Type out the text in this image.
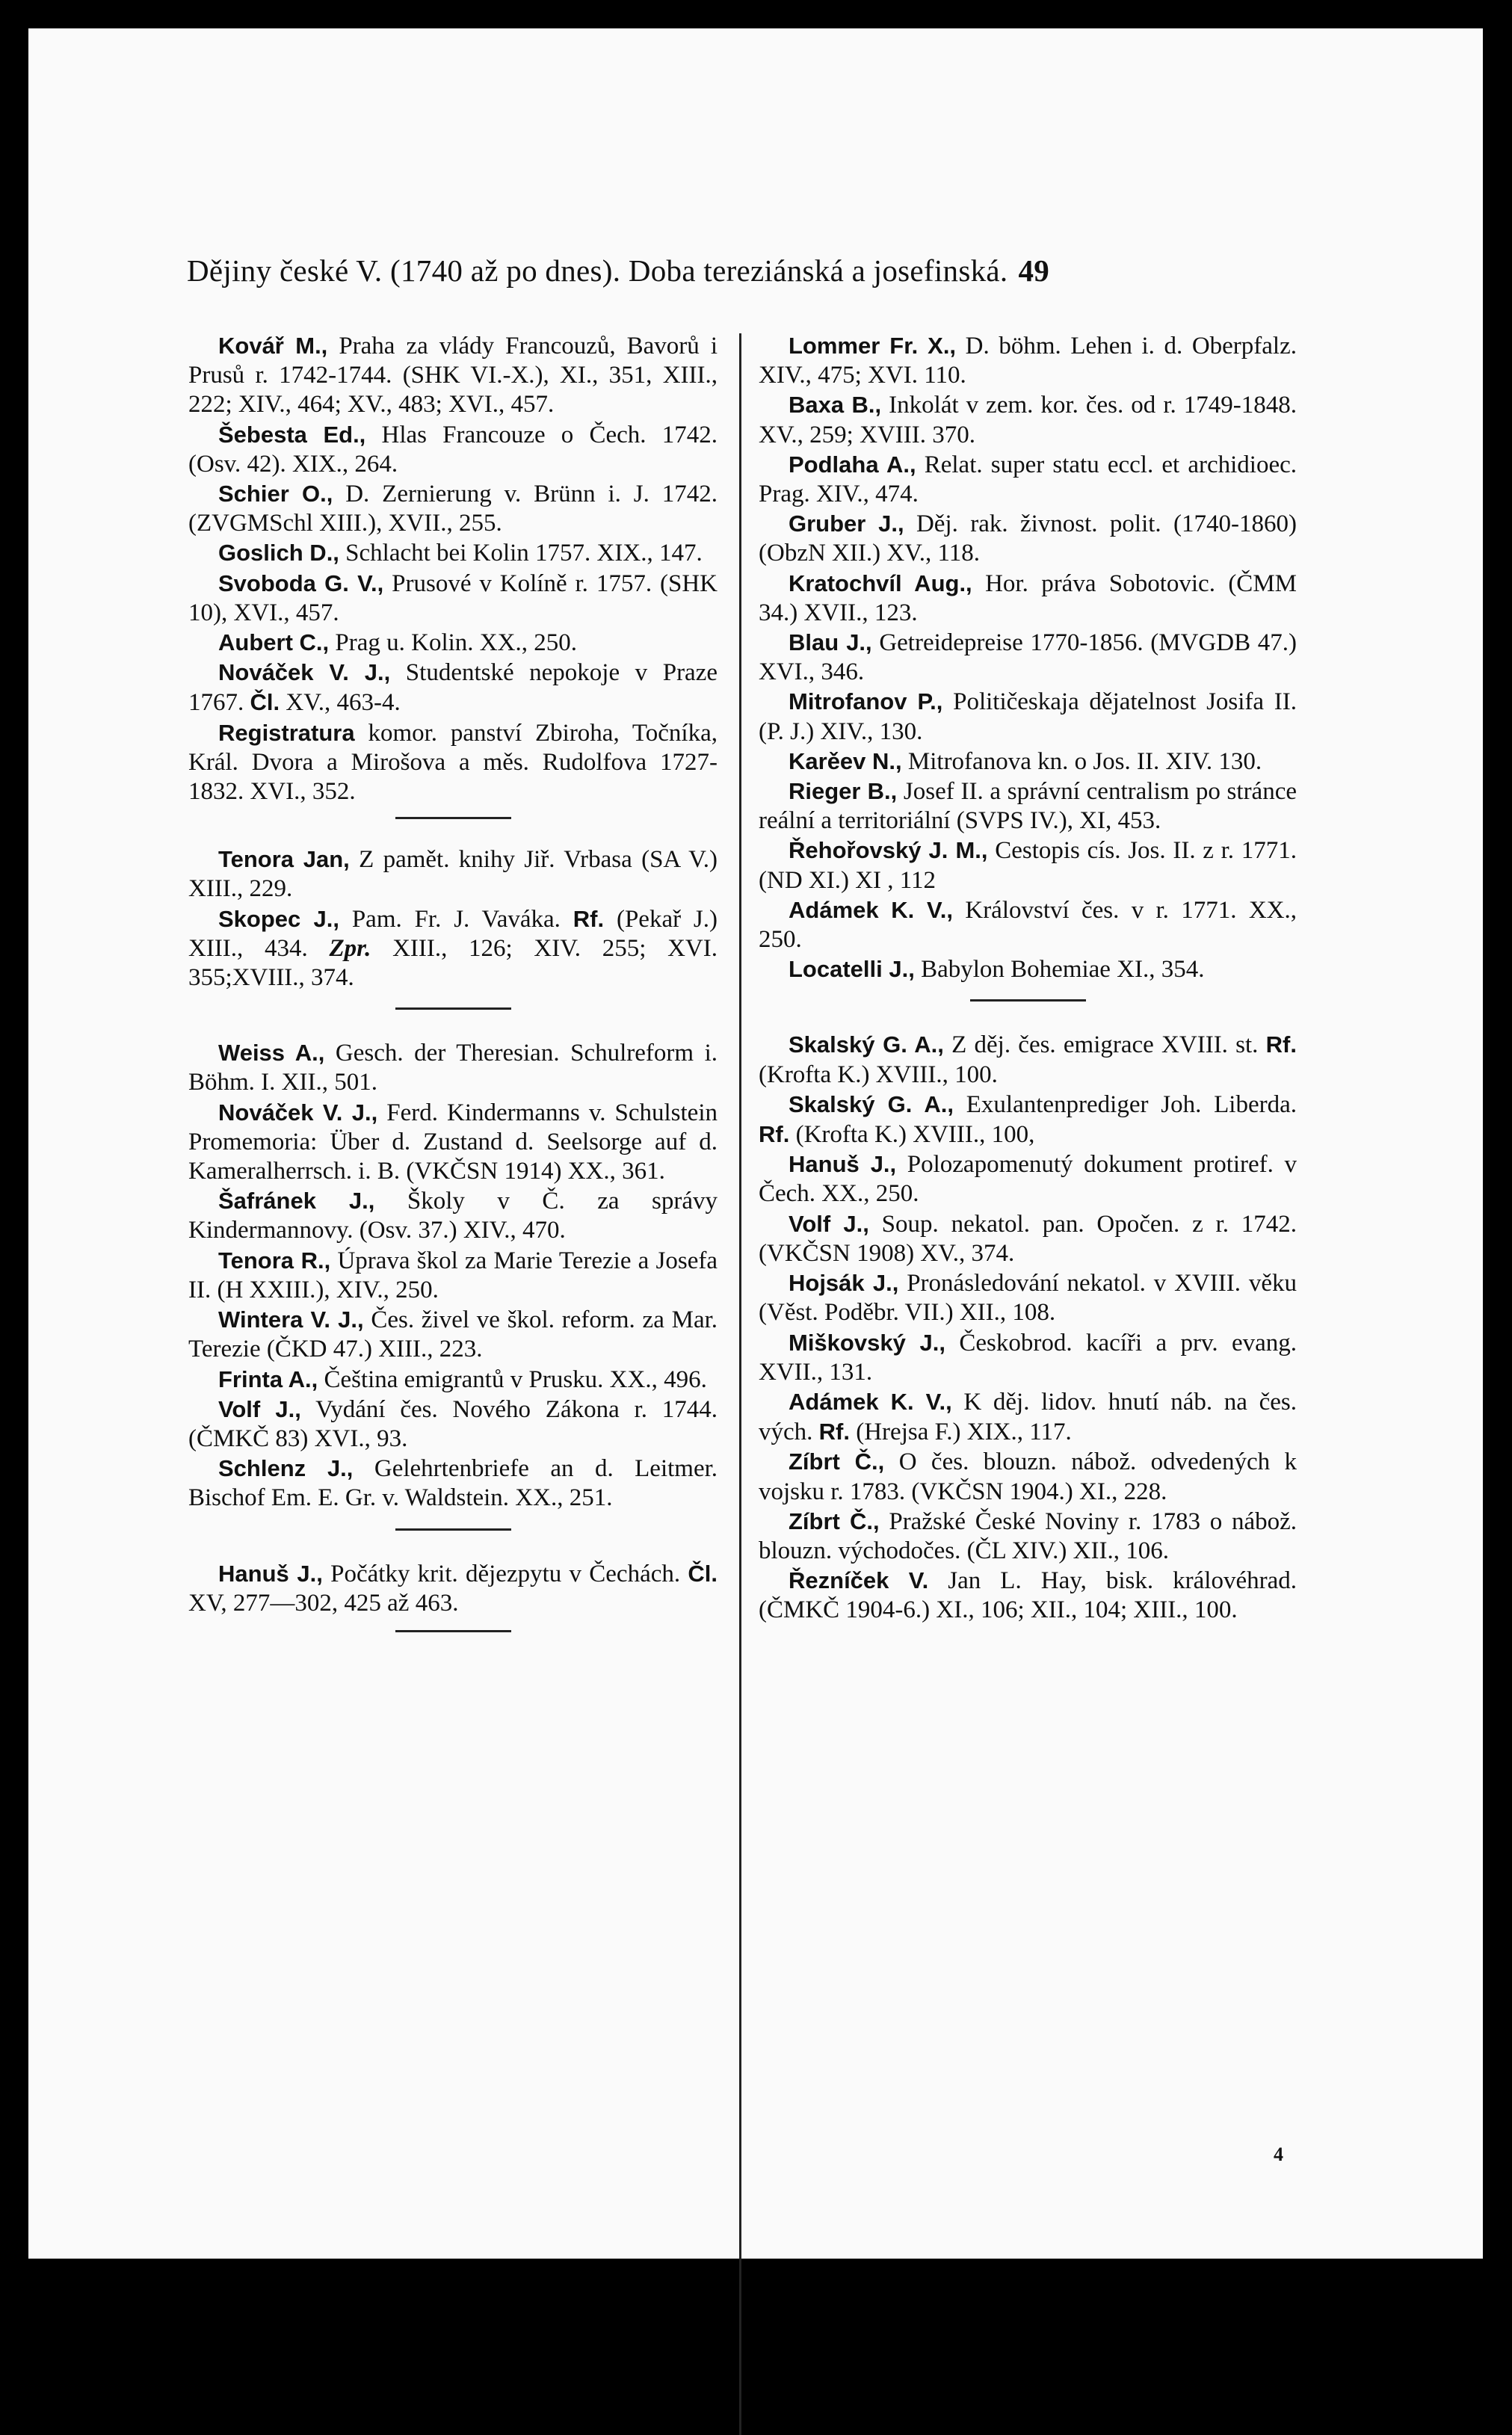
Dějiny české V. (1740 až po dnes). Doba tereziánská a josefinská. 49

Kovář M., Praha za vlády Francouzů, Bavorů i Prusů r. 1742-1744. (SHK VI.-X.), XI., 351, XIII., 222; XIV., 464; XV., 483; XVI., 457.

Šebesta Ed., Hlas Francouze o Čech. 1742. (Osv. 42). XIX., 264.

Schier O., D. Zernierung v. Brünn i. J. 1742. (ZVGMSchl XIII.), XVII., 255.

Goslich D., Schlacht bei Kolin 1757. XIX., 147.

Svoboda G. V., Prusové v Kolíně r. 1757. (SHK 10), XVI., 457.

Aubert C., Prag u. Kolin. XX., 250.

Nováček V. J., Studentské nepokoje v Praze 1767. Čl. XV., 463-4.

Registratura komor. panství Zbiroha, Točníka, Král. Dvora a Mirošova a měs. Rudolfova 1727-1832. XVI., 352.

Tenora Jan, Z pamět. knihy Jiř. Vrbasa (SA V.) XIII., 229.

Skopec J., Pam. Fr. J. Vaváka. Rf. (Pekař J.) XIII., 434. Zpr. XIII., 126; XIV. 255; XVI. 355;XVIII., 374.

Weiss A., Gesch. der Theresian. Schulreform i. Böhm. I. XII., 501.

Nováček V. J., Ferd. Kindermanns v. Schulstein Promemoria: Über d. Zustand d. Seelsorge auf d. Kameralherrsch. i. B. (VKČSN 1914) XX., 361.

Šafránek J., Školy v Č. za správy Kindermannovy. (Osv. 37.) XIV., 470.

Tenora R., Úprava škol za Marie Terezie a Josefa II. (H XXIII.), XIV., 250.

Wintera V. J., Čes. živel ve škol. reform. za Mar. Terezie (ČKD 47.) XIII., 223.

Frinta A., Čeština emigrantů v Prusku. XX., 496.

Volf J., Vydání čes. Nového Zákona r. 1744. (ČMKČ 83) XVI., 93.

Schlenz J., Gelehrtenbriefe an d. Leitmer. Bischof Em. E. Gr. v. Waldstein. XX., 251.

Hanuš J., Počátky krit. dějezpytu v Čechách. Čl. XV, 277—302, 425 až 463.

Lommer Fr. X., D. böhm. Lehen i. d. Oberpfalz. XIV., 475; XVI. 110.

Baxa B., Inkolát v zem. kor. čes. od r. 1749-1848. XV., 259; XVIII. 370.

Podlaha A., Relat. super statu eccl. et archidioec. Prag. XIV., 474.

Gruber J., Děj. rak. živnost. polit. (1740-1860) (ObzN XII.) XV., 118.

Kratochvíl Aug., Hor. práva Sobotovic. (ČMM 34.) XVII., 123.

Blau J., Getreidepreise 1770-1856. (MVGDB 47.) XVI., 346.

Mitrofanov P., Političeskaja dějatelnost Josifa II. (P. J.) XIV., 130.

Karěev N., Mitrofanova kn. o Jos. II. XIV. 130.

Rieger B., Josef II. a správní centralism po stránce reální a territoriální (SVPS IV.), XI, 453.

Řehořovský J. M., Cestopis cís. Jos. II. z r. 1771. (ND XI.) XI , 112

Adámek K. V., Království čes. v r. 1771. XX., 250.

Locatelli J., Babylon Bohemiae XI., 354.

Skalský G. A., Z děj. čes. emigrace XVIII. st. Rf. (Krofta K.) XVIII., 100.

Skalský G. A., Exulantenprediger Joh. Liberda. Rf. (Krofta K.) XVIII., 100,

Hanuš J., Polozapomenutý dokument protiref. v Čech. XX., 250.

Volf J., Soup. nekatol. pan. Opočen. z r. 1742. (VKČSN 1908) XV., 374.

Hojsák J., Pronásledování nekatol. v XVIII. věku (Věst. Poděbr. VII.) XII., 108.

Miškovský J., Českobrod. kacíři a prv. evang. XVII., 131.

Adámek K. V., K děj. lidov. hnutí náb. na čes. vých. Rf. (Hrejsa F.) XIX., 117.

Zíbrt Č., O čes. blouzn. nábož. odvedených k vojsku r. 1783. (VKČSN 1904.) XI., 228.

Zíbrt Č., Pražské České Noviny r. 1783 o nábož. blouzn. východočes. (ČL XIV.) XII., 106.

Řezníček V. Jan L. Hay, bisk. královéhrad. (ČMKČ 1904-6.) XI., 106; XII., 104; XIII., 100.

4
